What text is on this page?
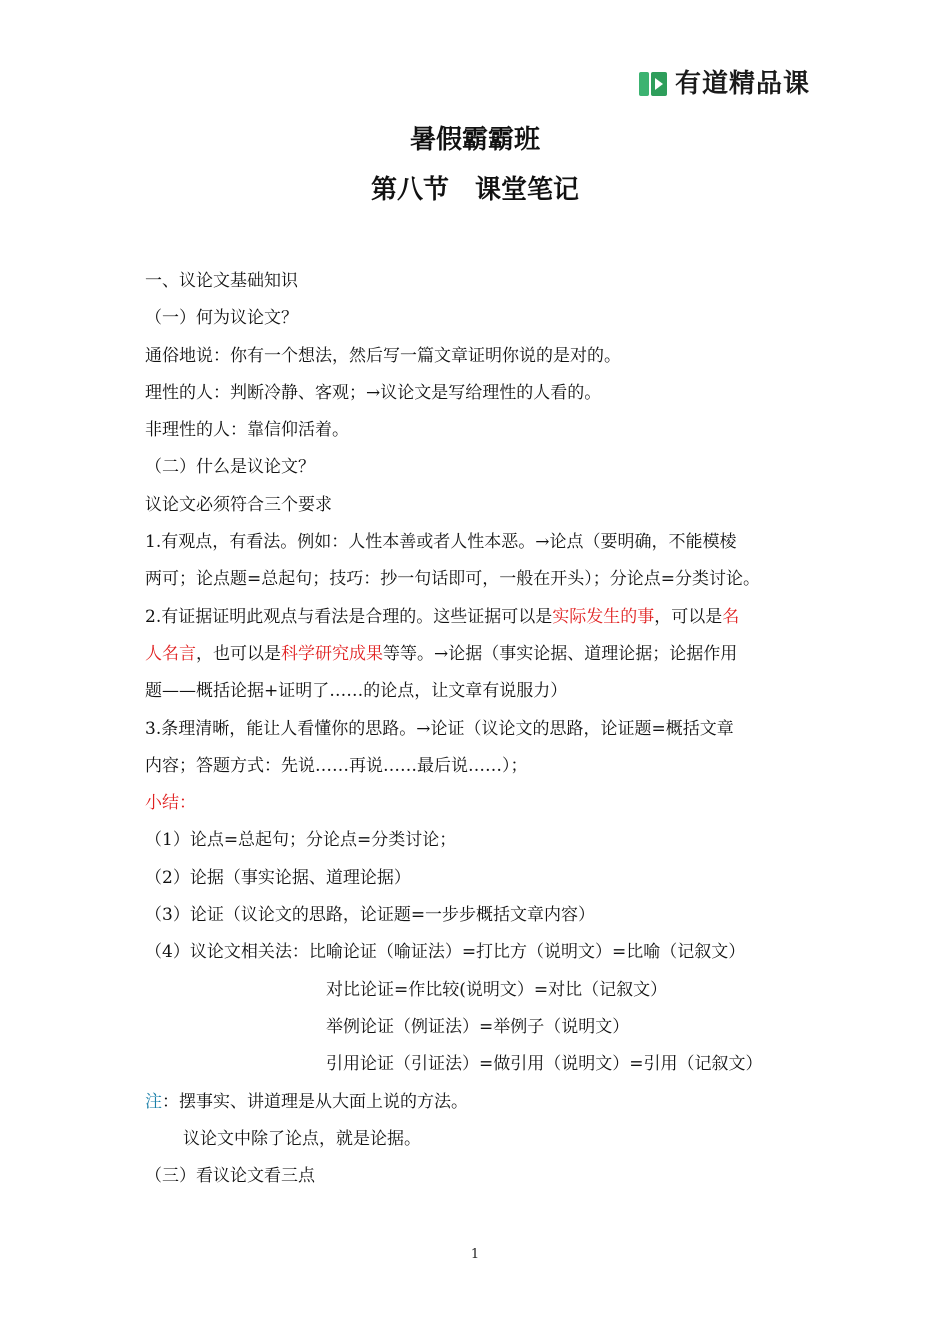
有道精品课
暑假霸霸班
第八节　课堂笔记
一、议论文基础知识
（一）何为议论文？
通俗地说：你有一个想法，然后写一篇文章证明你说的是对的。
理性的人：判断冷静、客观；→议论文是写给理性的人看的。
非理性的人：靠信仰活着。
（二）什么是议论文？
议论文必须符合三个要求
1.有观点，有看法。例如：人性本善或者人性本恶。→论点（要明确，不能模棱
两可；论点题=总起句；技巧：抄一句话即可，一般在开头）；分论点=分类讨论。
2.有证据证明此观点与看法是合理的。这些证据可以是实际发生的事，可以是名
人名言，也可以是科学研究成果等等。→论据（事实论据、道理论据；论据作用
题——概括论据+证明了……的论点，让文章有说服力）
3.条理清晰，能让人看懂你的思路。→论证（议论文的思路，论证题=概括文章
内容；答题方式：先说……再说……最后说……）；
小结：
（1）论点=总起句；分论点=分类讨论；
（2）论据（事实论据、道理论据）
（3）论证（议论文的思路，论证题=一步步概括文章内容）
（4）议论文相关法：比喻论证（喻证法）=打比方（说明文）=比喻（记叙文）
对比论证=作比较(说明文）=对比（记叙文）
举例论证（例证法）=举例子（说明文）
引用论证（引证法）=做引用（说明文）=引用（记叙文）
注：摆事实、讲道理是从大面上说的方法。
议论文中除了论点，就是论据。
（三）看议论文看三点
1
